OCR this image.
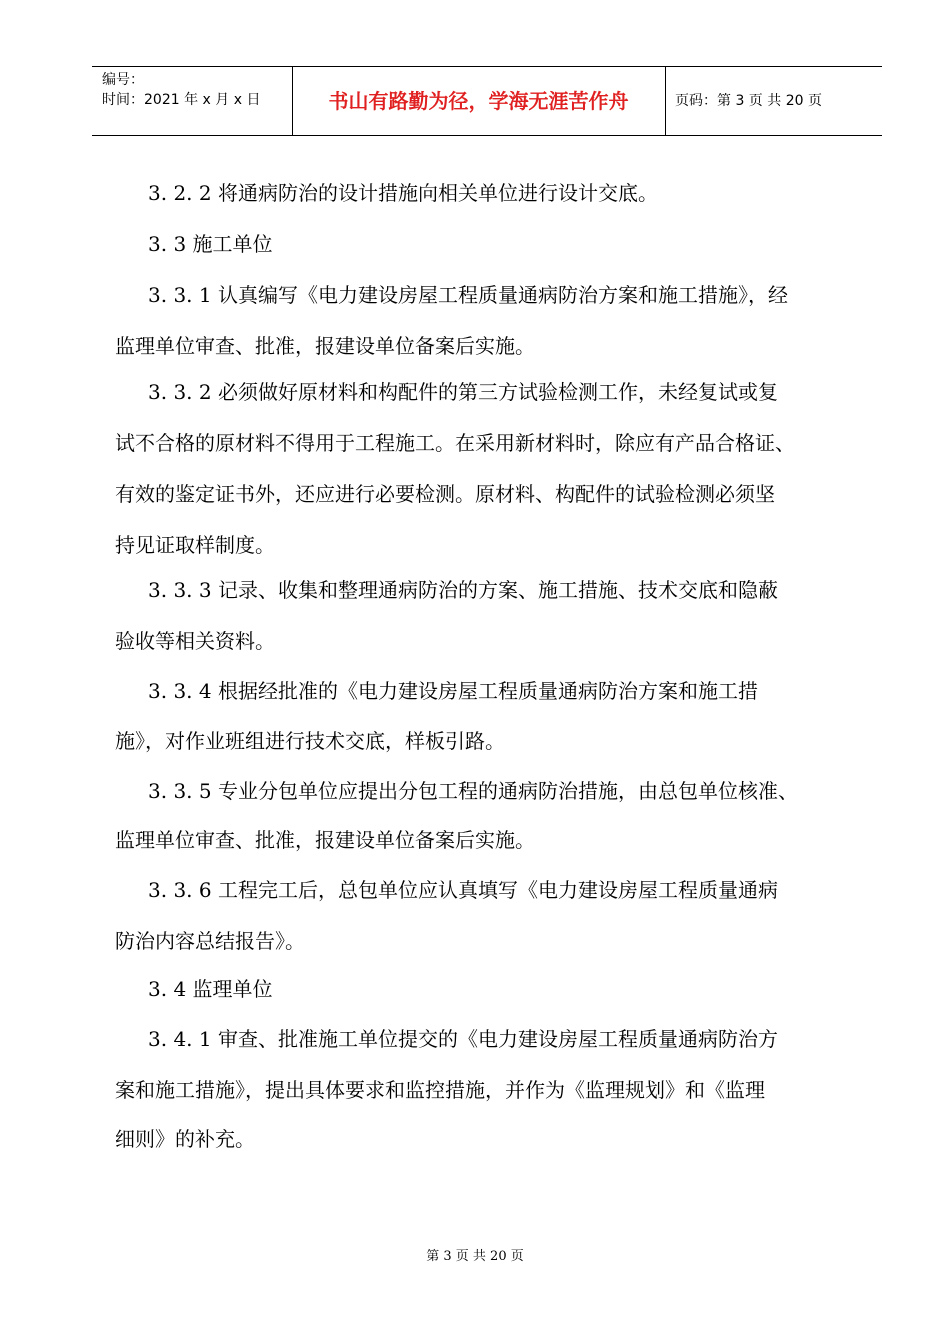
编号：
时间：2021 年 x 月 x 日	书山有路勤为径，学海无涯苦作舟	页码：第 3 页 共 20 页
3. 2. 2 将通病防治的设计措施向相关单位进行设计交底。
3. 3 施工单位
3. 3. 1 认真编写《电力建设房屋工程质量通病防治方案和施工措施》，经
监理单位审查、批准，报建设单位备案后实施。
3. 3. 2 必须做好原材料和构配件的第三方试验检测工作，未经复试或复
试不合格的原材料不得用于工程施工。在采用新材料时，除应有产品合格证、
有效的鉴定证书外，还应进行必要检测。原材料、构配件的试验检测必须坚
持见证取样制度。
3. 3. 3 记录、收集和整理通病防治的方案、施工措施、技术交底和隐蔽
验收等相关资料。
3. 3. 4 根据经批准的《电力建设房屋工程质量通病防治方案和施工措
施》，对作业班组进行技术交底，样板引路。
3. 3. 5 专业分包单位应提出分包工程的通病防治措施，由总包单位核准、
监理单位审查、批准，报建设单位备案后实施。
3. 3. 6 工程完工后，总包单位应认真填写《电力建设房屋工程质量通病
防治内容总结报告》。
3. 4 监理单位
3. 4. 1 审查、批准施工单位提交的《电力建设房屋工程质量通病防治方
案和施工措施》，提出具体要求和监控措施，并作为《监理规划》和《监理
细则》的补充。
第 3 页 共 20 页
